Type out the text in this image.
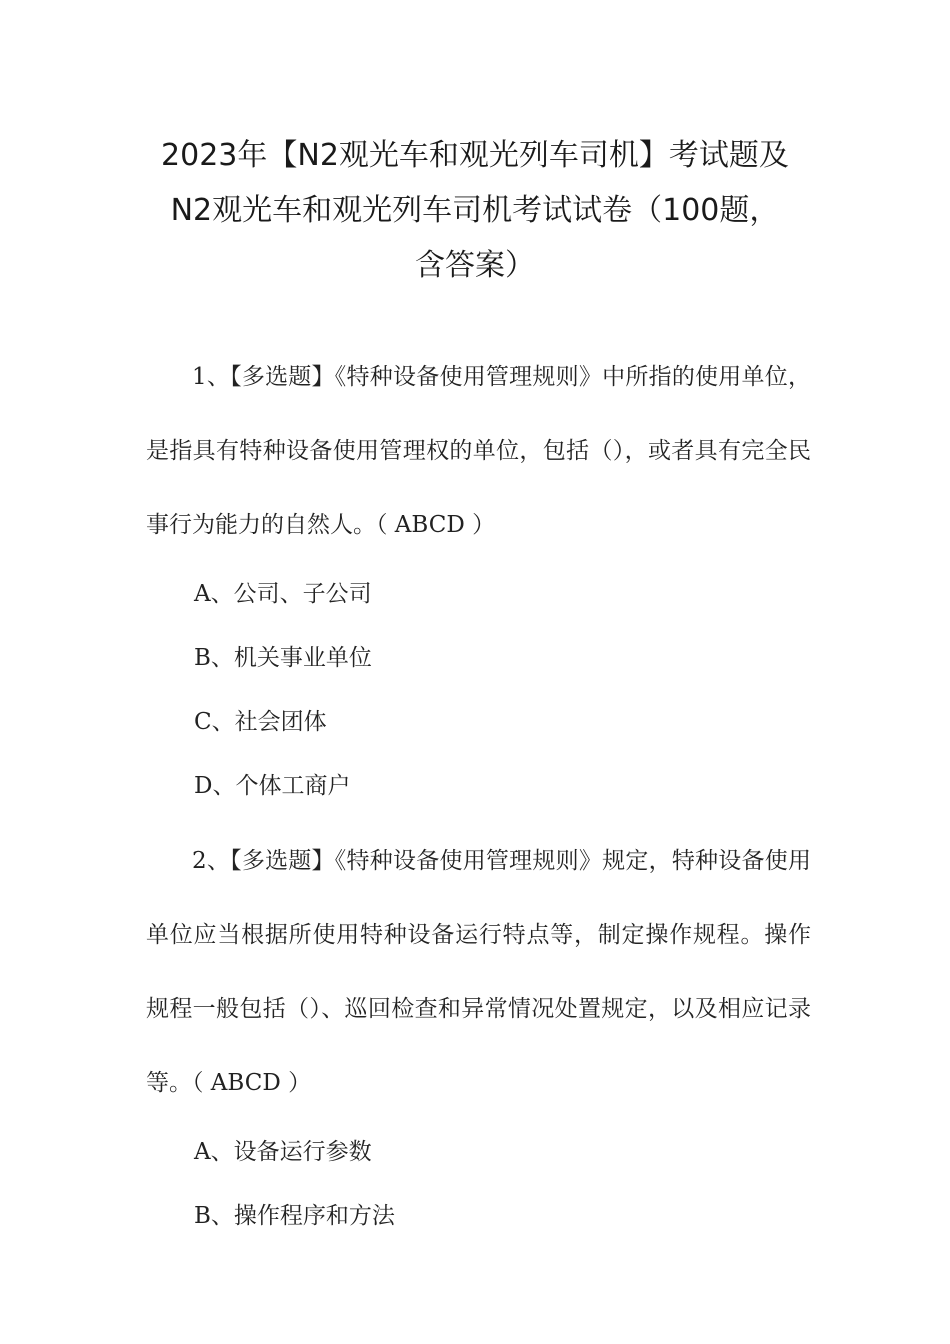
2023年【N2观光车和观光列车司机】考试题及
N2观光车和观光列车司机考试试卷（100题，
含答案）

1、【多选题】《特种设备使用管理规则》中所指的使用单位，是指具有特种设备使用管理权的单位，包括（），或者具有完全民事行为能力的自然人。（ ABCD ）

A、公司、子公司

B、机关事业单位

C、社会团体

D、个体工商户

2、【多选题】《特种设备使用管理规则》规定，特种设备使用单位应当根据所使用特种设备运行特点等，制定操作规程。操作规程一般包括（）、巡回检查和异常情况处置规定，以及相应记录等。（ ABCD ）

A、设备运行参数

B、操作程序和方法
